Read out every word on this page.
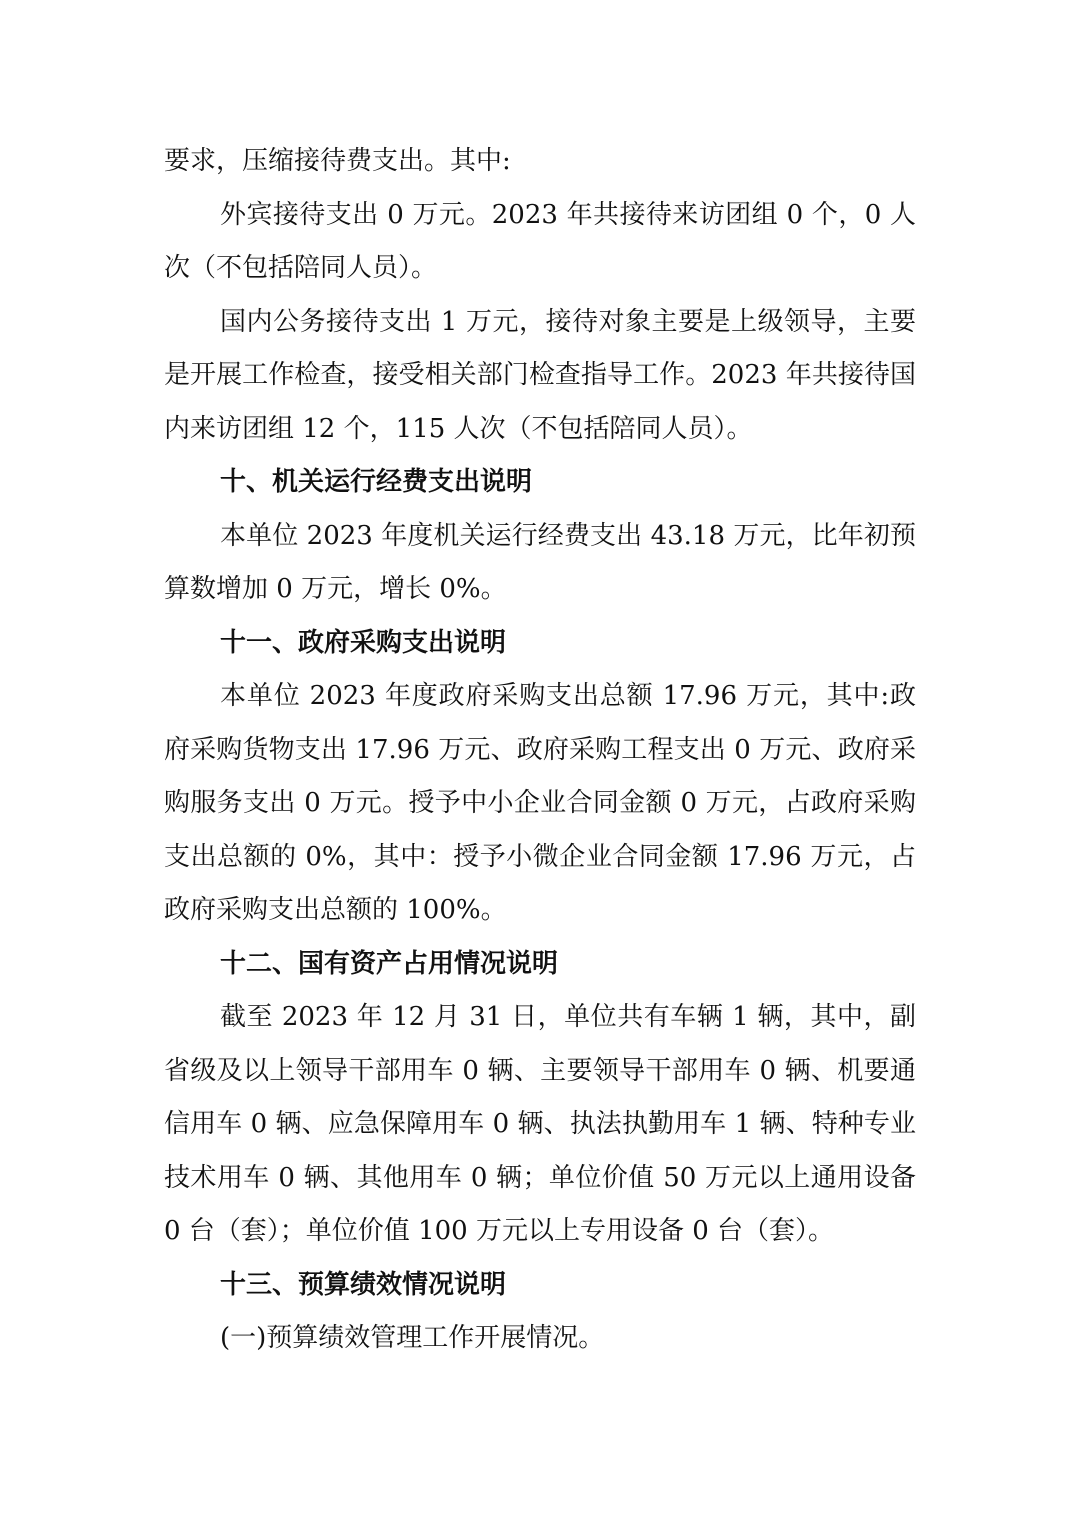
要求，压缩接待费支出。其中:

外宾接待支出 0 万元。2023 年共接待来访团组 0 个，0 人次（不包括陪同人员）。

国内公务接待支出 1 万元，接待对象主要是上级领导，主要是开展工作检查，接受相关部门检查指导工作。2023 年共接待国内来访团组 12 个，115 人次（不包括陪同人员）。

十、机关运行经费支出说明

本单位 2023 年度机关运行经费支出 43.18 万元，比年初预算数增加 0 万元，增长 0%。

十一、政府采购支出说明

本单位 2023 年度政府采购支出总额 17.96 万元，其中:政府采购货物支出 17.96 万元、政府采购工程支出 0 万元、政府采购服务支出 0 万元。授予中小企业合同金额 0 万元，占政府采购支出总额的 0%，其中：授予小微企业合同金额 17.96 万元，占政府采购支出总额的 100%。

十二、国有资产占用情况说明

截至 2023 年 12 月 31 日，单位共有车辆 1 辆，其中，副省级及以上领导干部用车 0 辆、主要领导干部用车 0 辆、机要通信用车 0 辆、应急保障用车 0 辆、执法执勤用车 1 辆、特种专业技术用车 0 辆、其他用车 0 辆；单位价值 50 万元以上通用设备 0 台（套）；单位价值 100 万元以上专用设备 0 台（套）。

十三、预算绩效情况说明

(一)预算绩效管理工作开展情况。
